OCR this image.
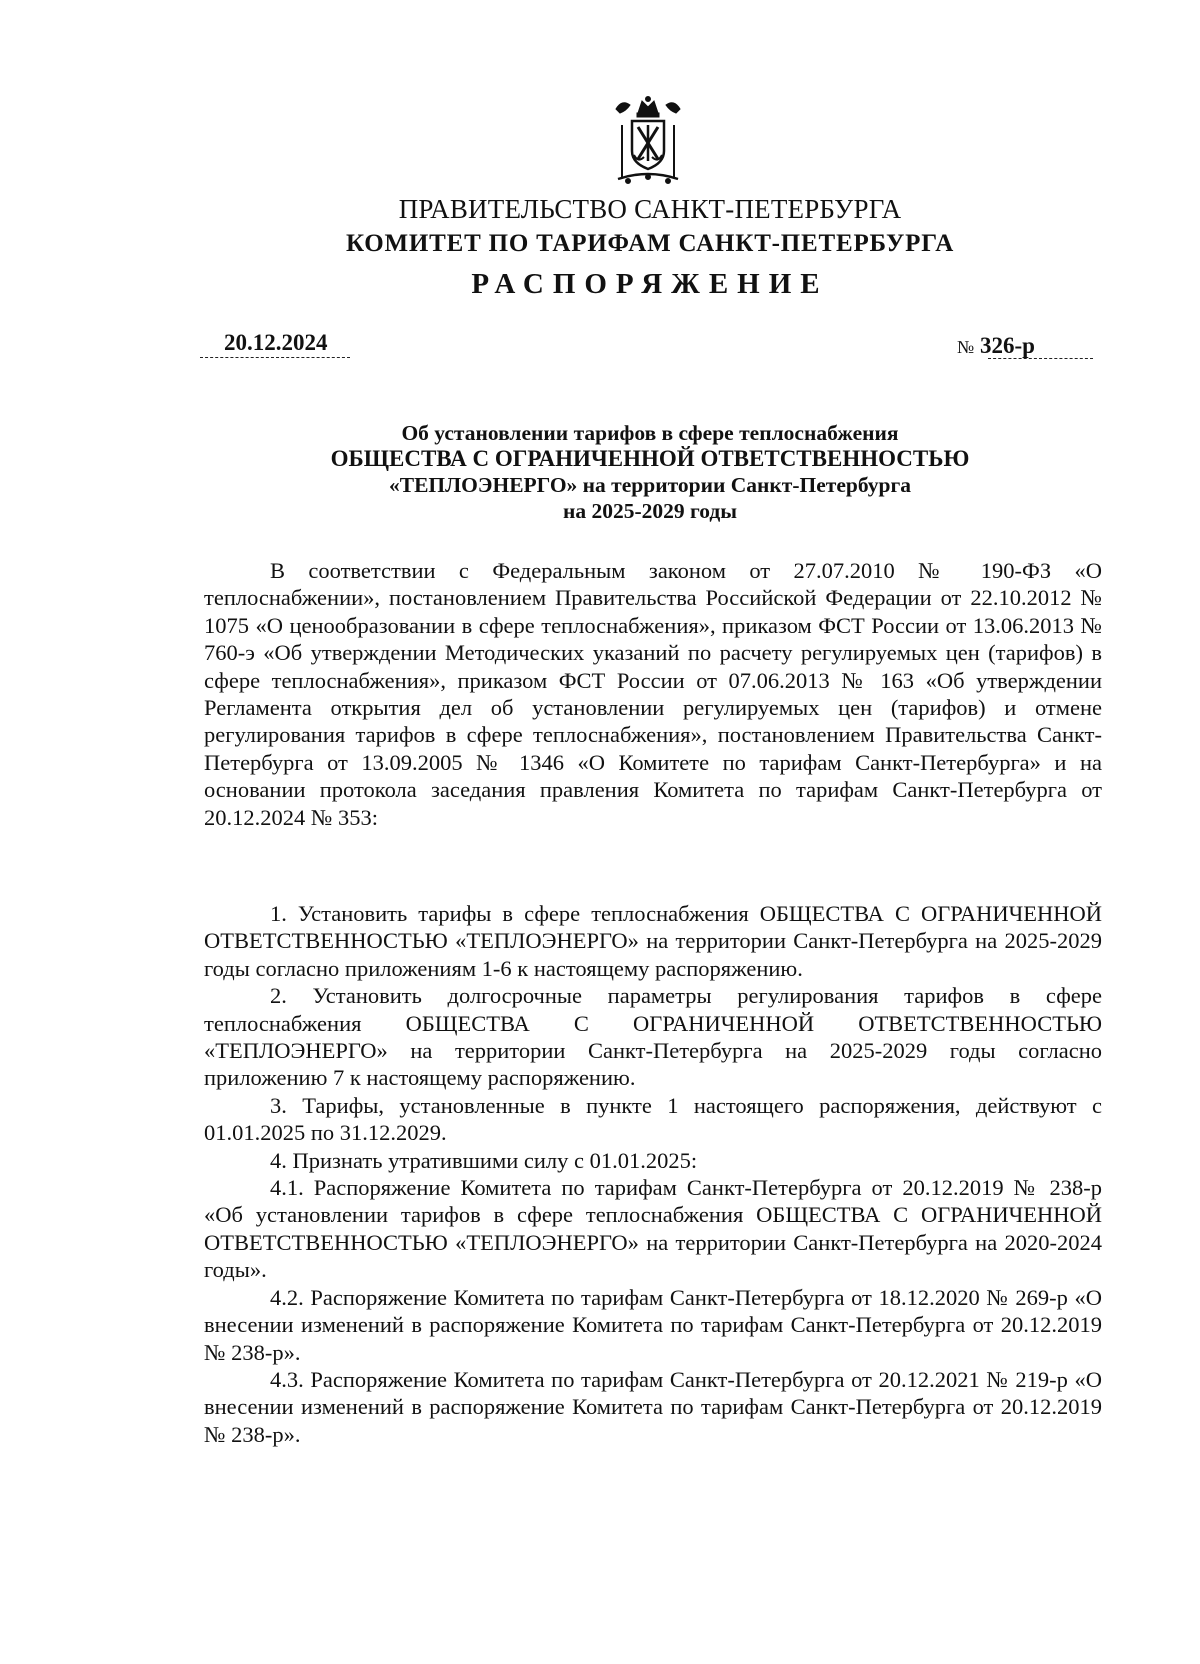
ПРАВИТЕЛЬСТВО САНКТ-ПЕТЕРБУРГА
КОМИТЕТ ПО ТАРИФАМ САНКТ-ПЕТЕРБУРГА
РАСПОРЯЖЕНИЕ
20.12.2024	№ 326-р
Об установлении тарифов в сфере теплоснабжения
ОБЩЕСТВА С ОГРАНИЧЕННОЙ ОТВЕТСТВЕННОСТЬЮ
«ТЕПЛОЭНЕРГО» на территории Санкт-Петербурга
на 2025-2029 годы
В соответствии с Федеральным законом от 27.07.2010 № 190-ФЗ «О теплоснабжении», постановлением Правительства Российской Федерации от 22.10.2012 № 1075 «О ценообразовании в сфере теплоснабжения», приказом ФСТ России от 13.06.2013 № 760-э «Об утверждении Методических указаний по расчету регулируемых цен (тарифов) в сфере теплоснабжения», приказом ФСТ России от 07.06.2013 № 163 «Об утверждении Регламента открытия дел об установлении регулируемых цен (тарифов) и отмене регулирования тарифов в сфере теплоснабжения», постановлением Правительства Санкт-Петербурга от 13.09.2005 № 1346 «О Комитете по тарифам Санкт-Петербурга» и на основании протокола заседания правления Комитета по тарифам Санкт-Петербурга от 20.12.2024 № 353:

1. Установить тарифы в сфере теплоснабжения ОБЩЕСТВА С ОГРАНИЧЕННОЙ ОТВЕТСТВЕННОСТЬЮ «ТЕПЛОЭНЕРГО» на территории Санкт-Петербурга на 2025-2029 годы согласно приложениям 1-6 к настоящему распоряжению.

2. Установить долгосрочные параметры регулирования тарифов в сфере теплоснабжения ОБЩЕСТВА С ОГРАНИЧЕННОЙ ОТВЕТСТВЕННОСТЬЮ «ТЕПЛОЭНЕРГО» на территории Санкт-Петербурга на 2025-2029 годы согласно приложению 7 к настоящему распоряжению.

3. Тарифы, установленные в пункте 1 настоящего распоряжения, действуют с 01.01.2025 по 31.12.2029.

4. Признать утратившими силу с 01.01.2025:

4.1. Распоряжение Комитета по тарифам Санкт-Петербурга от 20.12.2019 № 238-р «Об установлении тарифов в сфере теплоснабжения ОБЩЕСТВА С ОГРАНИЧЕННОЙ ОТВЕТСТВЕННОСТЬЮ «ТЕПЛОЭНЕРГО» на территории Санкт-Петербурга на 2020-2024 годы».

4.2. Распоряжение Комитета по тарифам Санкт-Петербурга от 18.12.2020 № 269-р «О внесении изменений в распоряжение Комитета по тарифам Санкт-Петербурга от 20.12.2019 № 238-р».

4.3. Распоряжение Комитета по тарифам Санкт-Петербурга от 20.12.2021 № 219-р «О внесении изменений в распоряжение Комитета по тарифам Санкт-Петербурга от 20.12.2019 № 238-р».
